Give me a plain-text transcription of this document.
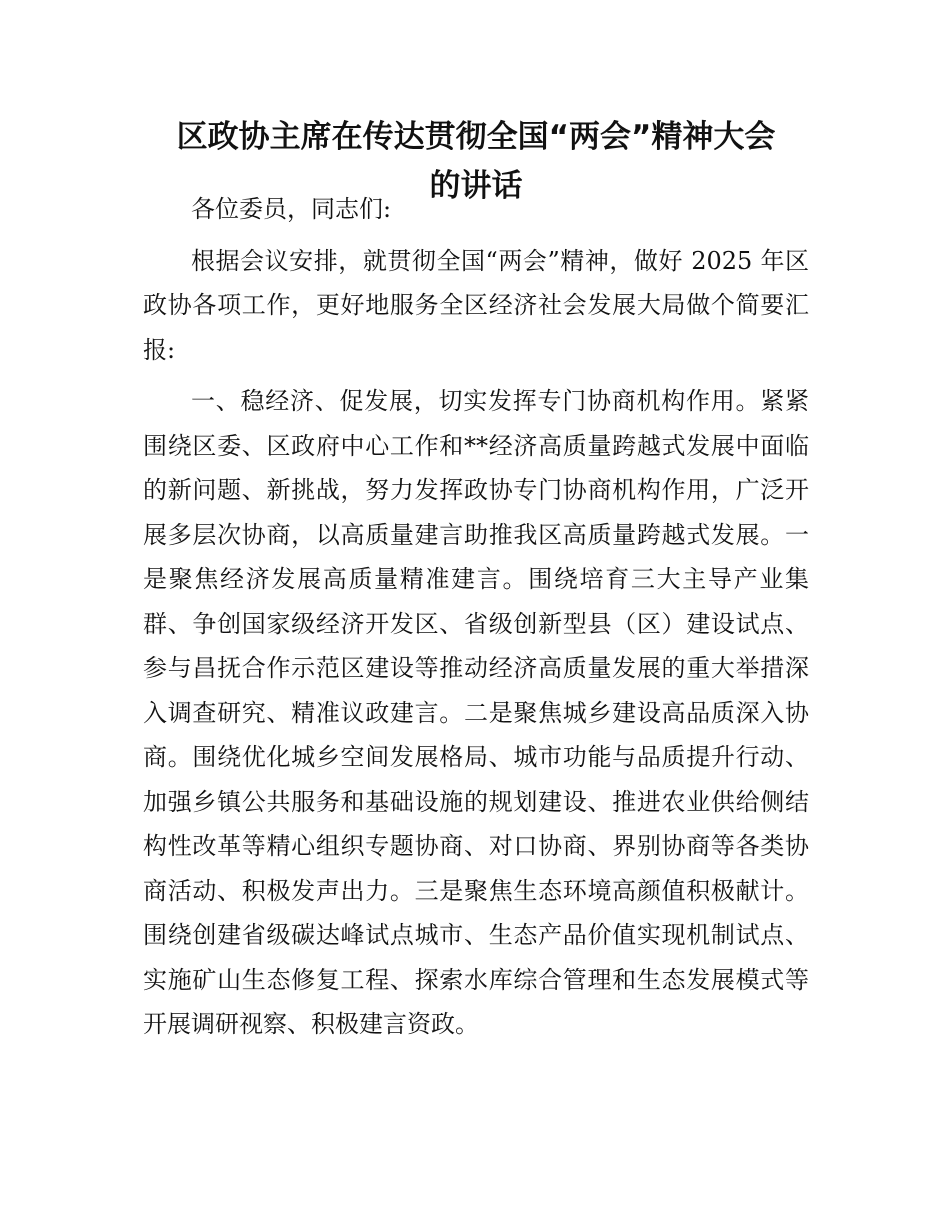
区政协主席在传达贯彻全国“两会”精神大会
的讲话

各位委员，同志们:

根据会议安排，就贯彻全国“两会”精神，做好 2025 年区政协各项工作，更好地服务全区经济社会发展大局做个简要汇报:

一、稳经济、促发展，切实发挥专门协商机构作用。紧紧围绕区委、区政府中心工作和**经济高质量跨越式发展中面临的新问题、新挑战，努力发挥政协专门协商机构作用，广泛开展多层次协商，以高质量建言助推我区高质量跨越式发展。一是聚焦经济发展高质量精准建言。围绕培育三大主导产业集群、争创国家级经济开发区、省级创新型县（区）建设试点、参与昌抚合作示范区建设等推动经济高质量发展的重大举措深入调查研究、精准议政建言。二是聚焦城乡建设高品质深入协商。围绕优化城乡空间发展格局、城市功能与品质提升行动、加强乡镇公共服务和基础设施的规划建设、推进农业供给侧结构性改革等精心组织专题协商、对口协商、界别协商等各类协商活动、积极发声出力。三是聚焦生态环境高颜值积极献计。围绕创建省级碳达峰试点城市、生态产品价值实现机制试点、实施矿山生态修复工程、探索水库综合管理和生态发展模式等开展调研视察、积极建言资政。
